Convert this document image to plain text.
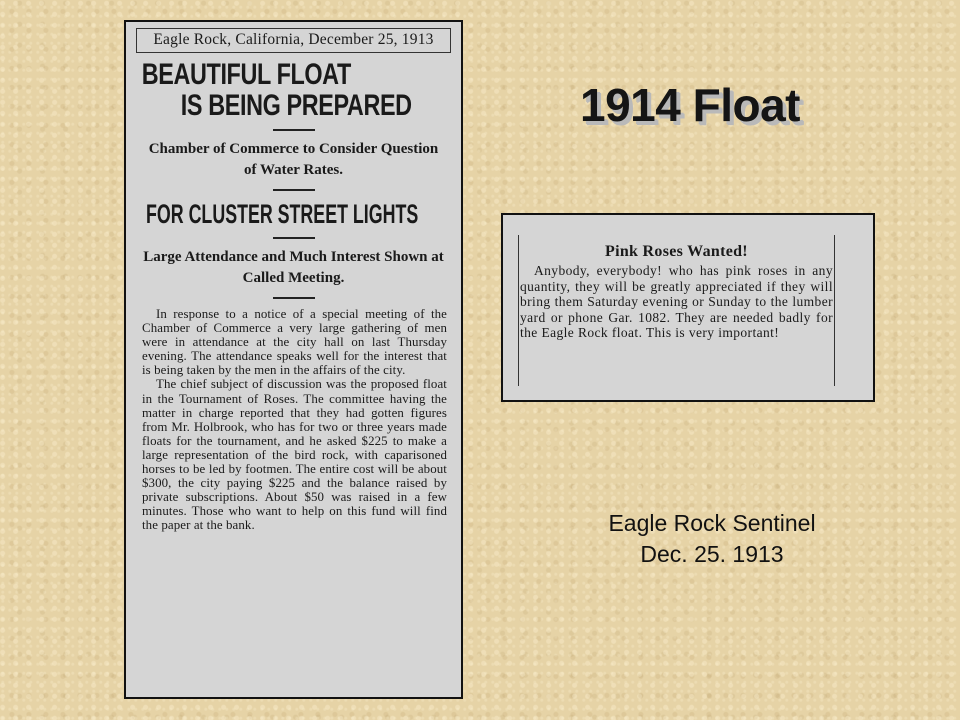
1914 Float
Eagle Rock, California, December 25, 1913
BEAUTIFUL FLOAT
IS BEING PREPARED
Chamber of Commerce to Consider Question of Water Rates.
FOR CLUSTER STREET LIGHTS
Large Attendance and Much Interest Shown at Called Meeting.

In response to a notice of a special meeting of the Chamber of Commerce a very large gathering of men were in attendance at the city hall on last Thursday evening. The attendance speaks well for the interest that is being taken by the men in the affairs of the city.

The chief subject of discussion was the proposed float in the Tournament of Roses. The committee having the matter in charge reported that they had gotten figures from Mr. Holbrook, who has for two or three years made floats for the tournament, and he asked $225 to make a large representation of the bird rock, with caparisoned horses to be led by footmen. The entire cost will be about $300, the city paying $225 and the balance raised by private subscriptions. About $50 was raised in a few minutes. Those who want to help on this fund will find the paper at the bank.

Pink Roses Wanted!

Anybody, everybody! who has pink roses in any quantity, they will be greatly appreciated if they will bring them Saturday evening or Sunday to the lumber yard or phone Gar. 1082. They are needed badly for the Eagle Rock float. This is very important!

Eagle Rock Sentinel
Dec. 25. 1913
